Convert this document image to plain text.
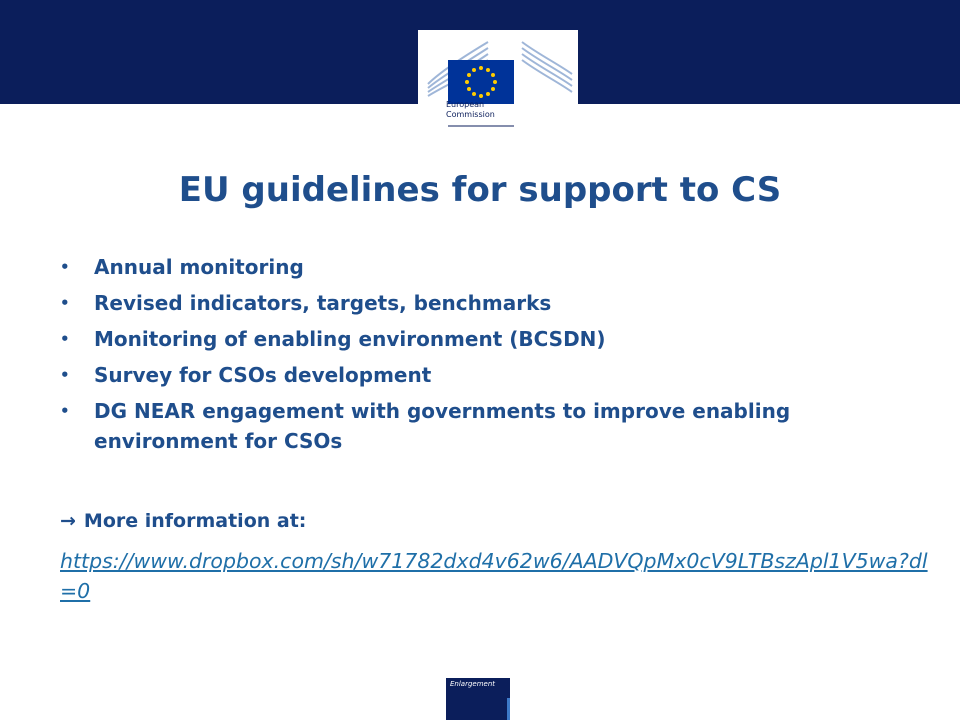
European
Commission
EU guidelines for support to CS
• Annual monitoring
• Revised indicators, targets, benchmarks
• Monitoring of enabling environment (BCSDN)
• Survey for CSOs development
• DG NEAR engagement with governments to improve enabling environment for CSOs
→ More information at:
https://www.dropbox.com/sh/w71782dxd4v62w6/AADVQpMx0cV9LTBszApl1V5wa?dl=0
Enlargement
